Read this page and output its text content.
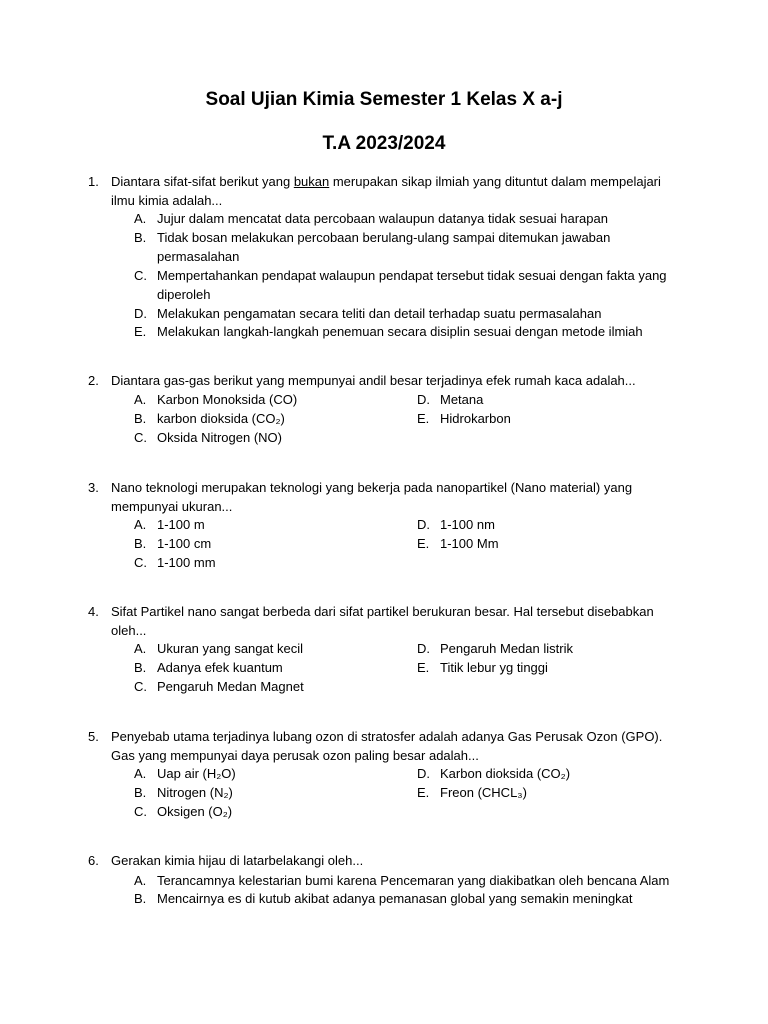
Soal Ujian Kimia Semester 1 Kelas X a-j
T.A 2023/2024
1. Diantara sifat-sifat berikut yang bukan merupakan sikap ilmiah yang dituntut dalam mempelajari ilmu kimia adalah...
A. Jujur dalam mencatat data percobaan walaupun datanya tidak sesuai harapan
B. Tidak bosan melakukan percobaan berulang-ulang sampai ditemukan jawaban permasalahan
C. Mempertahankan pendapat walaupun pendapat tersebut tidak sesuai dengan fakta yang diperoleh
D. Melakukan pengamatan secara teliti dan detail terhadap suatu permasalahan
E. Melakukan langkah-langkah penemuan secara disiplin sesuai dengan metode ilmiah
2. Diantara gas-gas berikut yang mempunyai andil besar terjadinya efek rumah kaca adalah...
A. Karbon Monoksida (CO)
B. karbon dioksida (CO₂)
C. Oksida Nitrogen (NO)
D. Metana
E. Hidrokarbon
3. Nano teknologi merupakan teknologi yang bekerja pada nanopartikel (Nano material) yang mempunyai ukuran...
A. 1-100 m
B. 1-100 cm
C. 1-100 mm
D. 1-100 nm
E. 1-100 Mm
4. Sifat Partikel nano sangat berbeda dari sifat partikel berukuran besar. Hal tersebut disebabkan oleh...
A. Ukuran yang sangat kecil
B. Adanya efek kuantum
C. Pengaruh Medan Magnet
D. Pengaruh Medan listrik
E. Titik lebur yg tinggi
5. Penyebab utama terjadinya lubang ozon di stratosfer adalah adanya Gas Perusak Ozon (GPO). Gas yang mempunyai daya perusak ozon paling besar adalah...
A. Uap air (H₂O)
B. Nitrogen (N₂)
C. Oksigen (O₂)
D. Karbon dioksida (CO₂)
E. Freon (CHCL₃)
6. Gerakan kimia hijau di latarbelakangi oleh...
A. Terancamnya kelestarian bumi karena Pencemaran yang diakibatkan oleh bencana Alam
B. Mencairnya es di kutub akibat adanya pemanasan global yang semakin meningkat
